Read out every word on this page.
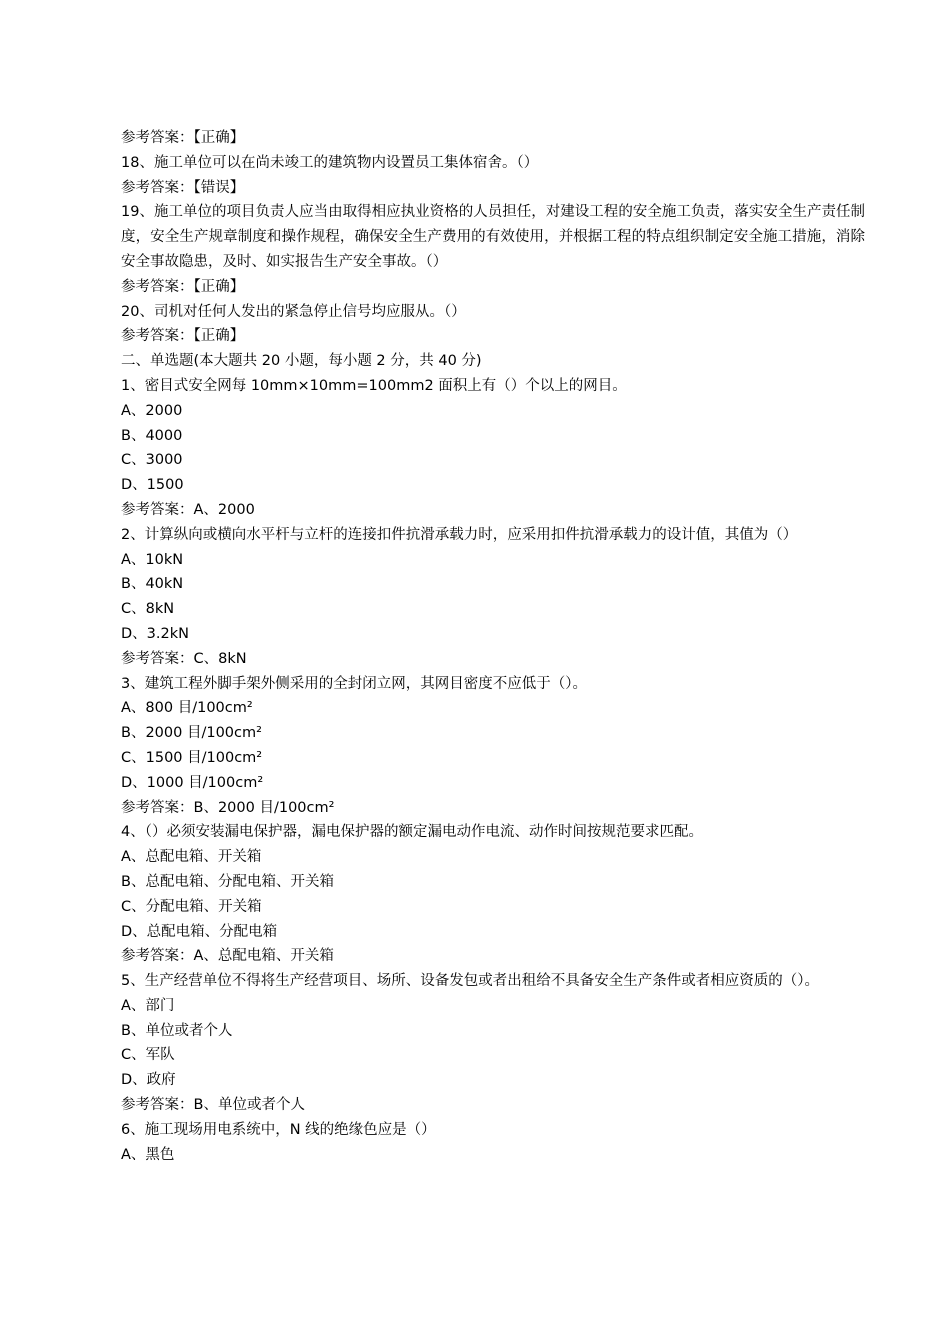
参考答案：【正确】
18、施工单位可以在尚未竣工的建筑物内设置员工集体宿舍。（）
参考答案：【错误】
19、施工单位的项目负责人应当由取得相应执业资格的人员担任，对建设工程的安全施工负责，落实安全生产责任制度，安全生产规章制度和操作规程，确保安全生产费用的有效使用，并根据工程的特点组织制定安全施工措施，消除安全事故隐患，及时、如实报告生产安全事故。（）
参考答案：【正确】
20、司机对任何人发出的紧急停止信号均应服从。（）
参考答案：【正确】
二、单选题(本大题共 20 小题，每小题 2 分，共 40 分)
1、密目式安全网每 10mm×10mm=100mm2 面积上有（）个以上的网目。
A、2000
B、4000
C、3000
D、1500
参考答案：A、2000
2、计算纵向或横向水平杆与立杆的连接扣件抗滑承载力时，应采用扣件抗滑承载力的设计值，其值为（）
A、10kN
B、40kN
C、8kN
D、3.2kN
参考答案：C、8kN
3、建筑工程外脚手架外侧采用的全封闭立网，其网目密度不应低于（）。
A、800 目/100cm²
B、2000 目/100cm²
C、1500 目/100cm²
D、1000 目/100cm²
参考答案：B、2000 目/100cm²
4、（）必须安装漏电保护器，漏电保护器的额定漏电动作电流、动作时间按规范要求匹配。
A、总配电箱、开关箱
B、总配电箱、分配电箱、开关箱
C、分配电箱、开关箱
D、总配电箱、分配电箱
参考答案：A、总配电箱、开关箱
5、生产经营单位不得将生产经营项目、场所、设备发包或者出租给不具备安全生产条件或者相应资质的（）。
A、部门
B、单位或者个人
C、军队
D、政府
参考答案：B、单位或者个人
6、施工现场用电系统中，N 线的绝缘色应是（）
A、黑色
